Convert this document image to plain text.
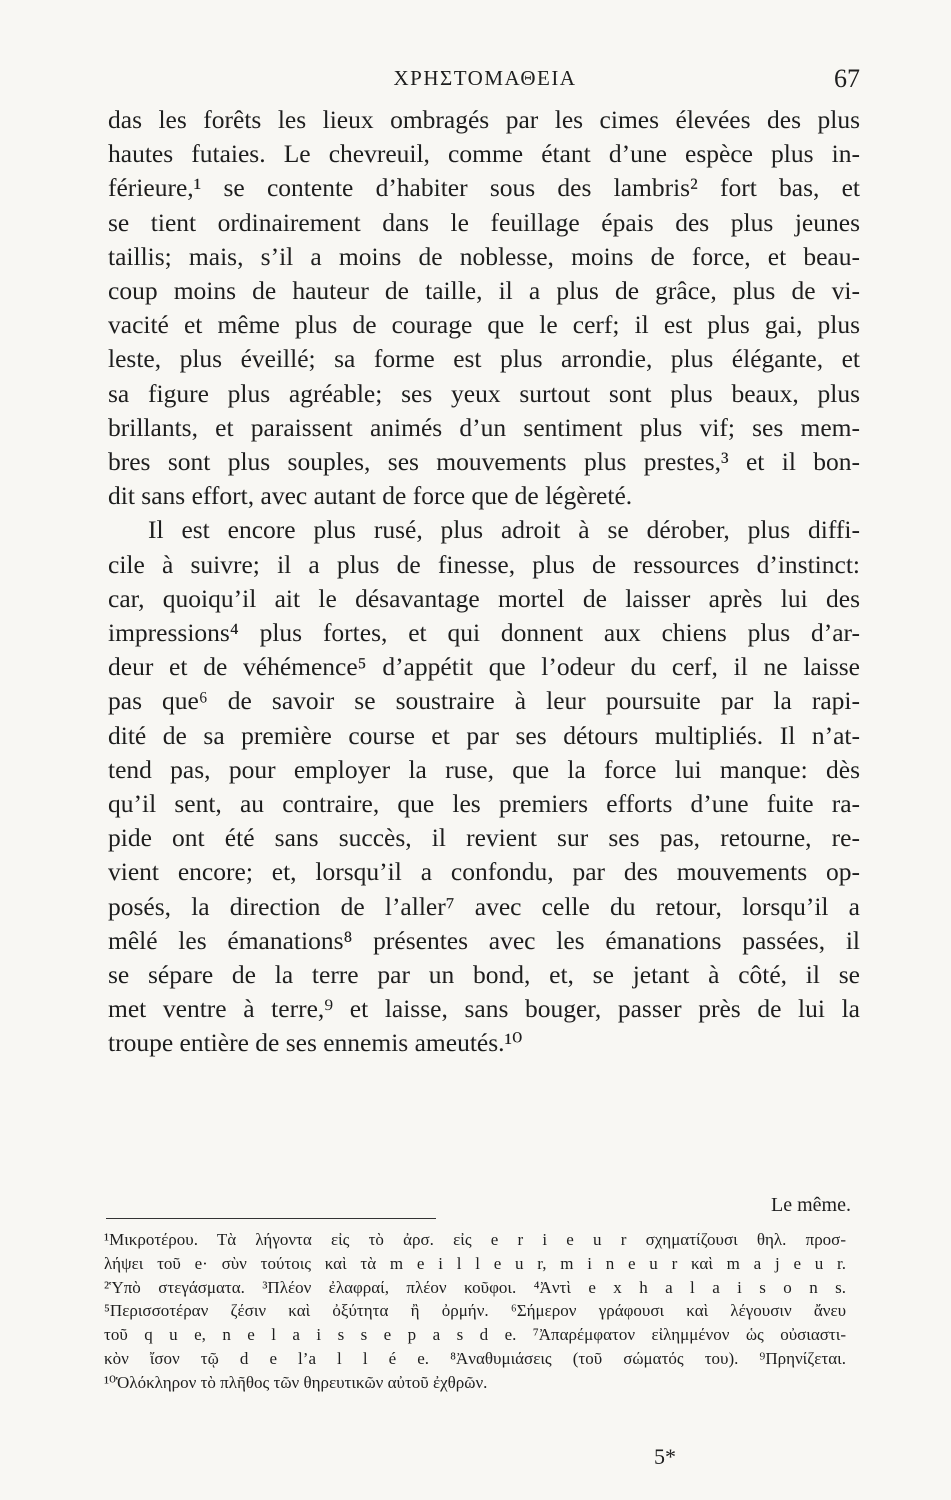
ΧΡΗΣΤΟΜΑΘΕΙΑ	67

das les forêts les lieux ombragés par les cimes élevées des plus
hautes futaies. Le chevreuil, comme étant d’une espèce plus in-
férieure,¹ se contente d’habiter sous des lambris² fort bas, et
se tient ordinairement dans le feuillage épais des plus jeunes
taillis; mais, s’il a moins de noblesse, moins de force, et beau-
coup moins de hauteur de taille, il a plus de grâce, plus de vi-
vacité et même plus de courage que le cerf; il est plus gai, plus
leste, plus éveillé; sa forme est plus arrondie, plus élégante, et
sa figure plus agréable; ses yeux surtout sont plus beaux, plus
brillants, et paraissent animés d’un sentiment plus vif; ses mem-
bres sont plus souples, ses mouvements plus prestes,³ et il bon-
dit sans effort, avec autant de force que de légèreté.

Il est encore plus rusé, plus adroit à se dérober, plus diffi-
cile à suivre; il a plus de finesse, plus de ressources d’instinct:
car, quoiqu’il ait le désavantage mortel de laisser après lui des
impressions⁴ plus fortes, et qui donnent aux chiens plus d’ar-
deur et de véhémence⁵ d’appétit que l’odeur du cerf, il ne laisse
pas que⁶ de savoir se soustraire à leur poursuite par la rapi-
dité de sa première course et par ses détours multipliés. Il n’at-
tend pas, pour employer la ruse, que la force lui manque: dès
qu’il sent, au contraire, que les premiers efforts d’une fuite ra-
pide ont été sans succès, il revient sur ses pas, retourne, re-
vient encore; et, lorsqu’il a confondu, par des mouvements op-
posés, la direction de l’aller⁷ avec celle du retour, lorsqu’il a
mêlé les émanations⁸ présentes avec les émanations passées, il
se sépare de la terre par un bond, et, se jetant à côté, il se
met ventre à terre,⁹ et laisse, sans bouger, passer près de lui la
troupe entière de ses ennemis ameutés.¹⁰

Le même.

¹Μικροτέρου. Τὰ λήγοντα εἰς τὸ ἀρσ. εἰς e r i e u r σχηματίζουσι θηλ. προσ-
λήψει τοῦ e· σὺν τούτοις καὶ τὰ m e i l l e u r, m i n e u r καὶ m a j e u r.
²Ὑπὸ στεγάσματα. ³Πλέον ἐλαφραί, πλέον κοῦφοι. ⁴Ἀντὶ e x h a l a i s o n s.
⁵Περισσοτέραν ζέσιν καὶ ὀξύτητα ἢ ὀρμήν. ⁶Σήμερον γράφουσι καὶ λέγουσιν ἄνευ
τοῦ q u e, n e l a i s s e p a s d e. ⁷Ἀπαρέμφατον εἰλημμένον ὡς οὐσιαστι-
κὸν ἴσον τῷ d e l’a l l é e. ⁸Ἀναθυμιάσεις (τοῦ σώματός του). ⁹Πρηνίζεται.
¹⁰Ὁλόκληρον τὸ πλῆθος τῶν θηρευτικῶν αὐτοῦ ἐχθρῶν.

5*
